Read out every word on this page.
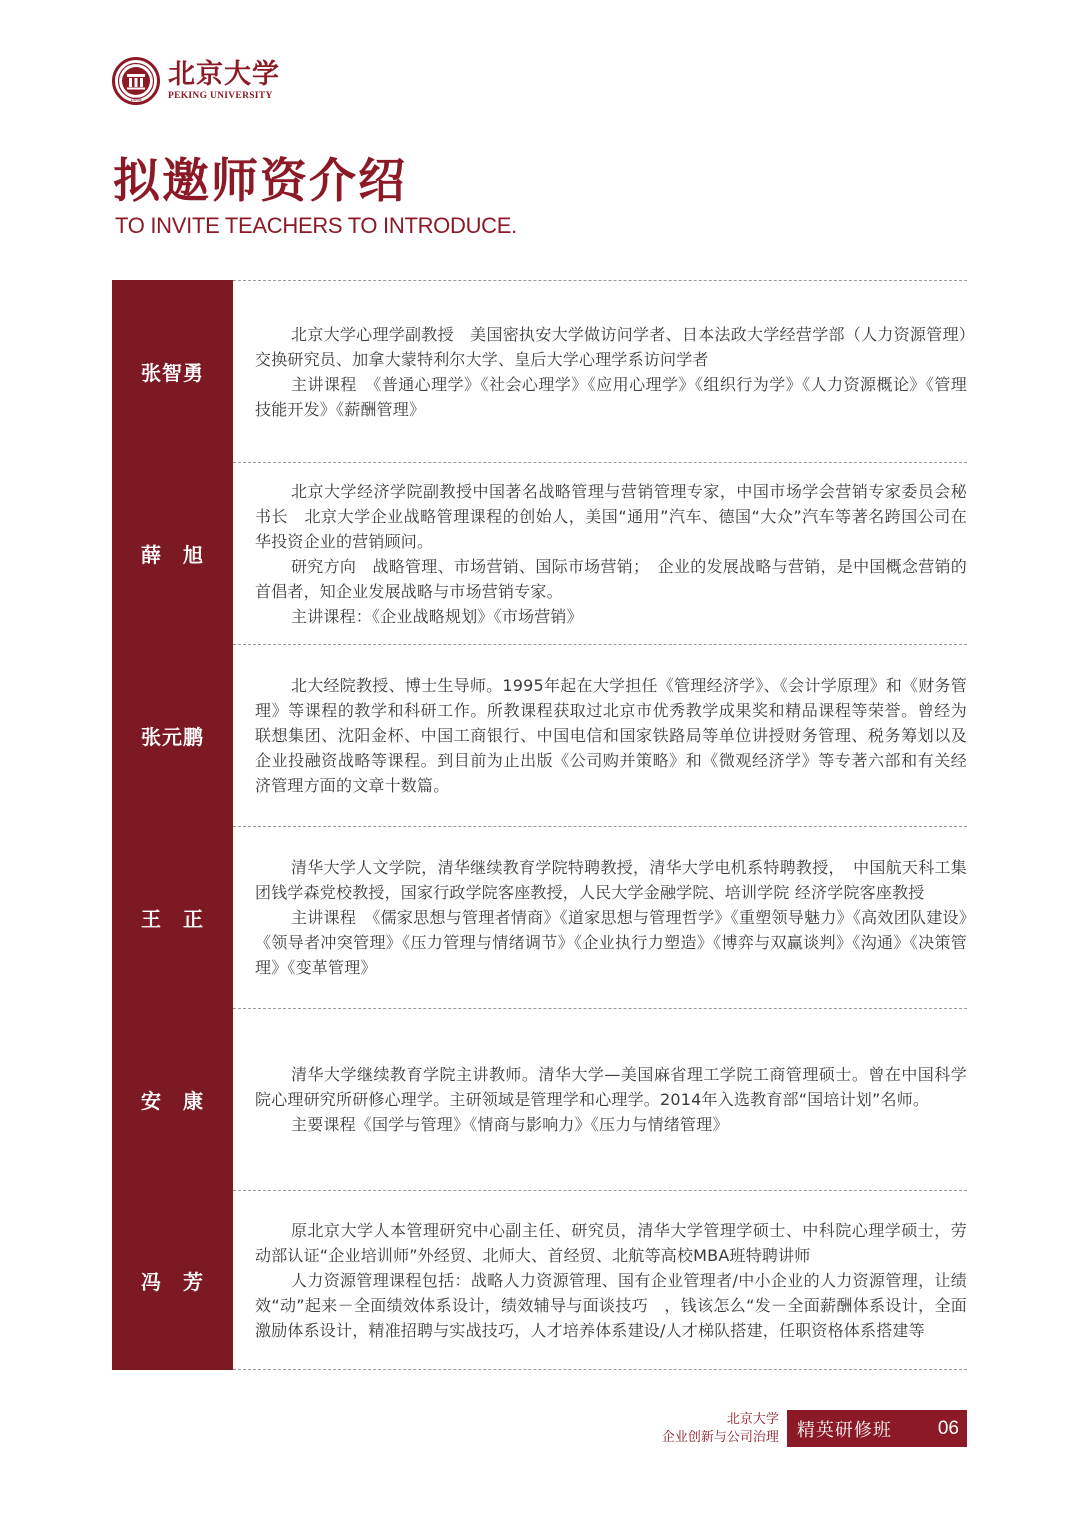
1898
北京大学
PEKING UNIVERSITY
拟邀师资介绍
TO INVITE TEACHERS TO INTRODUCE.
张智勇

北京大学心理学副教授　美国密执安大学做访问学者、日本法政大学经营学部（人力资源管理）交换研究员、加拿大蒙特利尔大学、皇后大学心理学系访问学者

主讲课程　《普通心理学》《社会心理学》《应用心理学》《组织行为学》《人力资源概论》《管理技能开发》《薪酬管理》

薛　旭

北京大学经济学院副教授中国著名战略管理与营销管理专家，中国市场学会营销专家委员会秘书长　北京大学企业战略管理课程的创始人，美国“通用”汽车、德国“大众”汽车等著名跨国公司在华投资企业的营销顾问。

研究方向　战略管理、市场营销、国际市场营销；　企业的发展战略与营销，是中国概念营销的首倡者，知企业发展战略与市场营销专家。

主讲课程：《企业战略规划》《市场营销》

张元鹏

北大经院教授、博士生导师。1995年起在大学担任《管理经济学》、《会计学原理》和《财务管理》等课程的教学和科研工作。所教课程获取过北京市优秀教学成果奖和精品课程等荣誉。曾经为联想集团、沈阳金杯、中国工商银行、中国电信和国家铁路局等单位讲授财务管理、税务筹划以及企业投融资战略等课程。到目前为止出版《公司购并策略》和《微观经济学》等专著六部和有关经济管理方面的文章十数篇。

王　正

清华大学人文学院，清华继续教育学院特聘教授，清华大学电机系特聘教授，　中国航天科工集团钱学森党校教授，国家行政学院客座教授，人民大学金融学院、培训学院 经济学院客座教授

主讲课程　《儒家思想与管理者情商》《道家思想与管理哲学》《重塑领导魅力》《高效团队建设》《领导者冲突管理》《压力管理与情绪调节》《企业执行力塑造》《博弈与双赢谈判》《沟通》《决策管理》《变革管理》

安　康

清华大学继续教育学院主讲教师。清华大学—美国麻省理工学院工商管理硕士。曾在中国科学院心理研究所研修心理学。主研领域是管理学和心理学。2014年入选教育部“国培计划”名师。

主要课程《国学与管理》《情商与影响力》《压力与情绪管理》

冯　芳

原北京大学人本管理研究中心副主任、研究员，清华大学管理学硕士、中科院心理学硕士，劳动部认证“企业培训师”外经贸、北师大、首经贸、北航等高校MBA班特聘讲师

人力资源管理课程包括：战略人力资源管理、国有企业管理者/中小企业的人力资源管理，让绩效“动”起来－全面绩效体系设计，绩效辅导与面谈技巧　，钱该怎么“发－全面薪酬体系设计，全面激励体系设计，精准招聘与实战技巧，人才培养体系建设/人才梯队搭建，任职资格体系搭建等

北京大学
企业创新与公司治理	精英研修班	06
